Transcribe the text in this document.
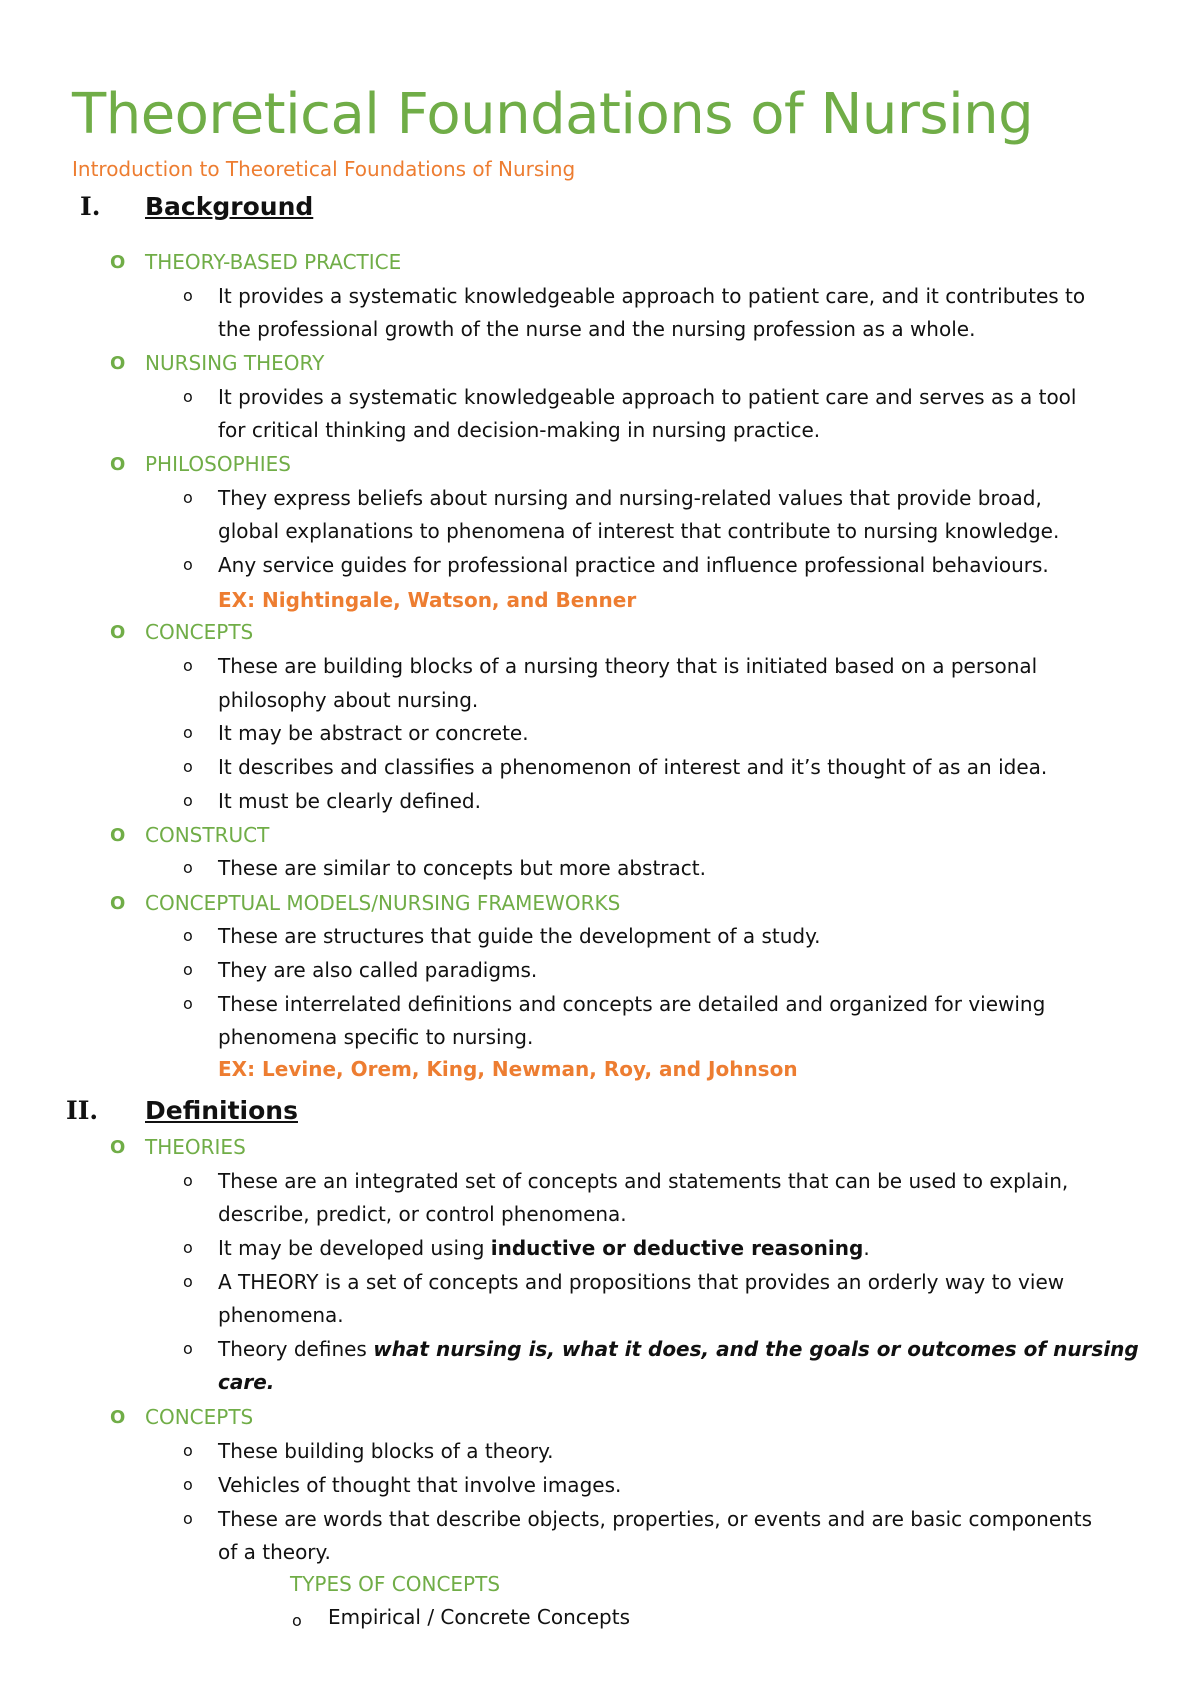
Theoretical Foundations of Nursing
Introduction to Theoretical Foundations of Nursing
I. Background
O THEORY-BASED PRACTICE
o It provides a systematic knowledgeable approach to patient care, and it contributes to
the professional growth of the nurse and the nursing profession as a whole.
O NURSING THEORY
o It provides a systematic knowledgeable approach to patient care and serves as a tool
for critical thinking and decision-making in nursing practice.
O PHILOSOPHIES
o They express beliefs about nursing and nursing-related values that provide broad,
global explanations to phenomena of interest that contribute to nursing knowledge.
o Any service guides for professional practice and influence professional behaviours.
EX: Nightingale, Watson, and Benner
O CONCEPTS
o These are building blocks of a nursing theory that is initiated based on a personal
philosophy about nursing.
o It may be abstract or concrete.
o It describes and classifies a phenomenon of interest and it’s thought of as an idea.
o It must be clearly defined.
O CONSTRUCT
o These are similar to concepts but more abstract.
O CONCEPTUAL MODELS/NURSING FRAMEWORKS
o These are structures that guide the development of a study.
o They are also called paradigms.
o These interrelated definitions and concepts are detailed and organized for viewing
phenomena specific to nursing.
EX: Levine, Orem, King, Newman, Roy, and Johnson
II. Definitions
O THEORIES
o These are an integrated set of concepts and statements that can be used to explain,
describe, predict, or control phenomena.
o It may be developed using inductive or deductive reasoning.
o A THEORY is a set of concepts and propositions that provides an orderly way to view
phenomena.
o Theory defines what nursing is, what it does, and the goals or outcomes of nursing
care.
O CONCEPTS
o These building blocks of a theory.
o Vehicles of thought that involve images.
o These are words that describe objects, properties, or events and are basic components
of a theory.
TYPES OF CONCEPTS
o Empirical / Concrete Concepts
